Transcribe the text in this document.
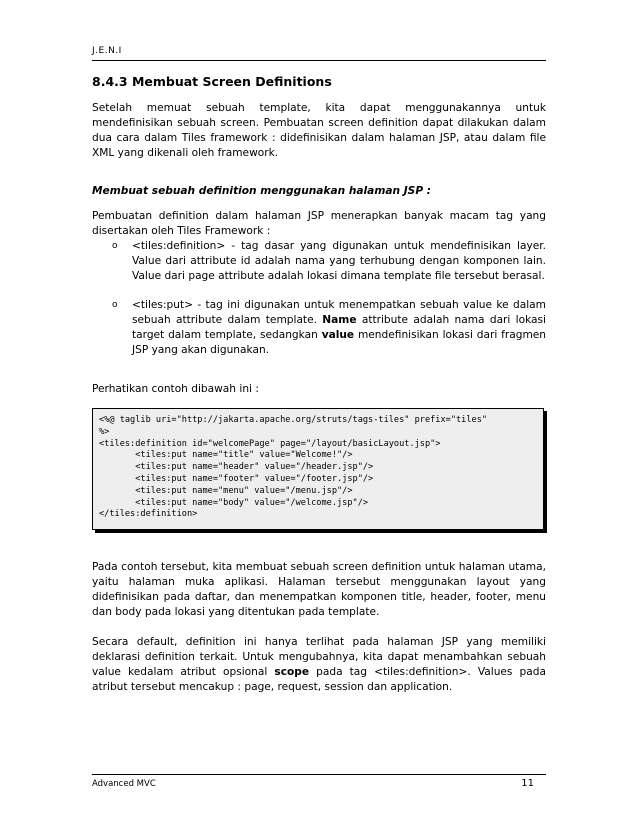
J.E.N.I
8.4.3 Membuat Screen Definitions

Setelah memuat sebuah template, kita dapat menggunakannya untuk mendefinisikan sebuah screen. Pembuatan screen definition dapat dilakukan dalam dua cara dalam Tiles framework : didefinisikan dalam halaman JSP, atau dalam file XML yang dikenali oleh framework.

Membuat sebuah definition menggunakan halaman JSP :

Pembuatan definition dalam halaman JSP menerapkan banyak macam tag yang disertakan oleh Tiles Framework :

o <tiles:definition> - tag dasar yang digunakan untuk mendefinisikan layer. Value dari attribute id adalah nama yang terhubung dengan komponen lain. Value dari page attribute adalah lokasi dimana template file tersebut berasal.
o <tiles:put> - tag ini digunakan untuk menempatkan sebuah value ke dalam sebuah attribute dalam template. Name attribute adalah nama dari lokasi target dalam template, sedangkan value mendefinisikan lokasi dari fragmen JSP yang akan digunakan.

Perhatikan contoh dibawah ini :

<%@ taglib uri="http://jakarta.apache.org/struts/tags-tiles" prefix="tiles"
%>
<tiles:definition id="welcomePage" page="/layout/basicLayout.jsp">
<tiles:put name="title" value="Welcome!"/>
<tiles:put name="header" value="/header.jsp"/>
<tiles:put name="footer" value="/footer.jsp"/>
<tiles:put name="menu" value="/menu.jsp"/>
<tiles:put name="body" value="/welcome.jsp"/>
</tiles:definition>

Pada contoh tersebut, kita membuat sebuah screen definition untuk halaman utama, yaitu halaman muka aplikasi. Halaman tersebut menggunakan layout yang didefinisikan pada daftar, dan menempatkan komponen title, header, footer, menu dan body pada lokasi yang ditentukan pada template.

Secara default, definition ini hanya terlihat pada halaman JSP yang memiliki deklarasi definition terkait. Untuk mengubahnya, kita dapat menambahkan sebuah value kedalam atribut opsional scope pada tag <tiles:definition>. Values pada atribut tersebut mencakup : page, request, session dan application.

Advanced MVC	11
